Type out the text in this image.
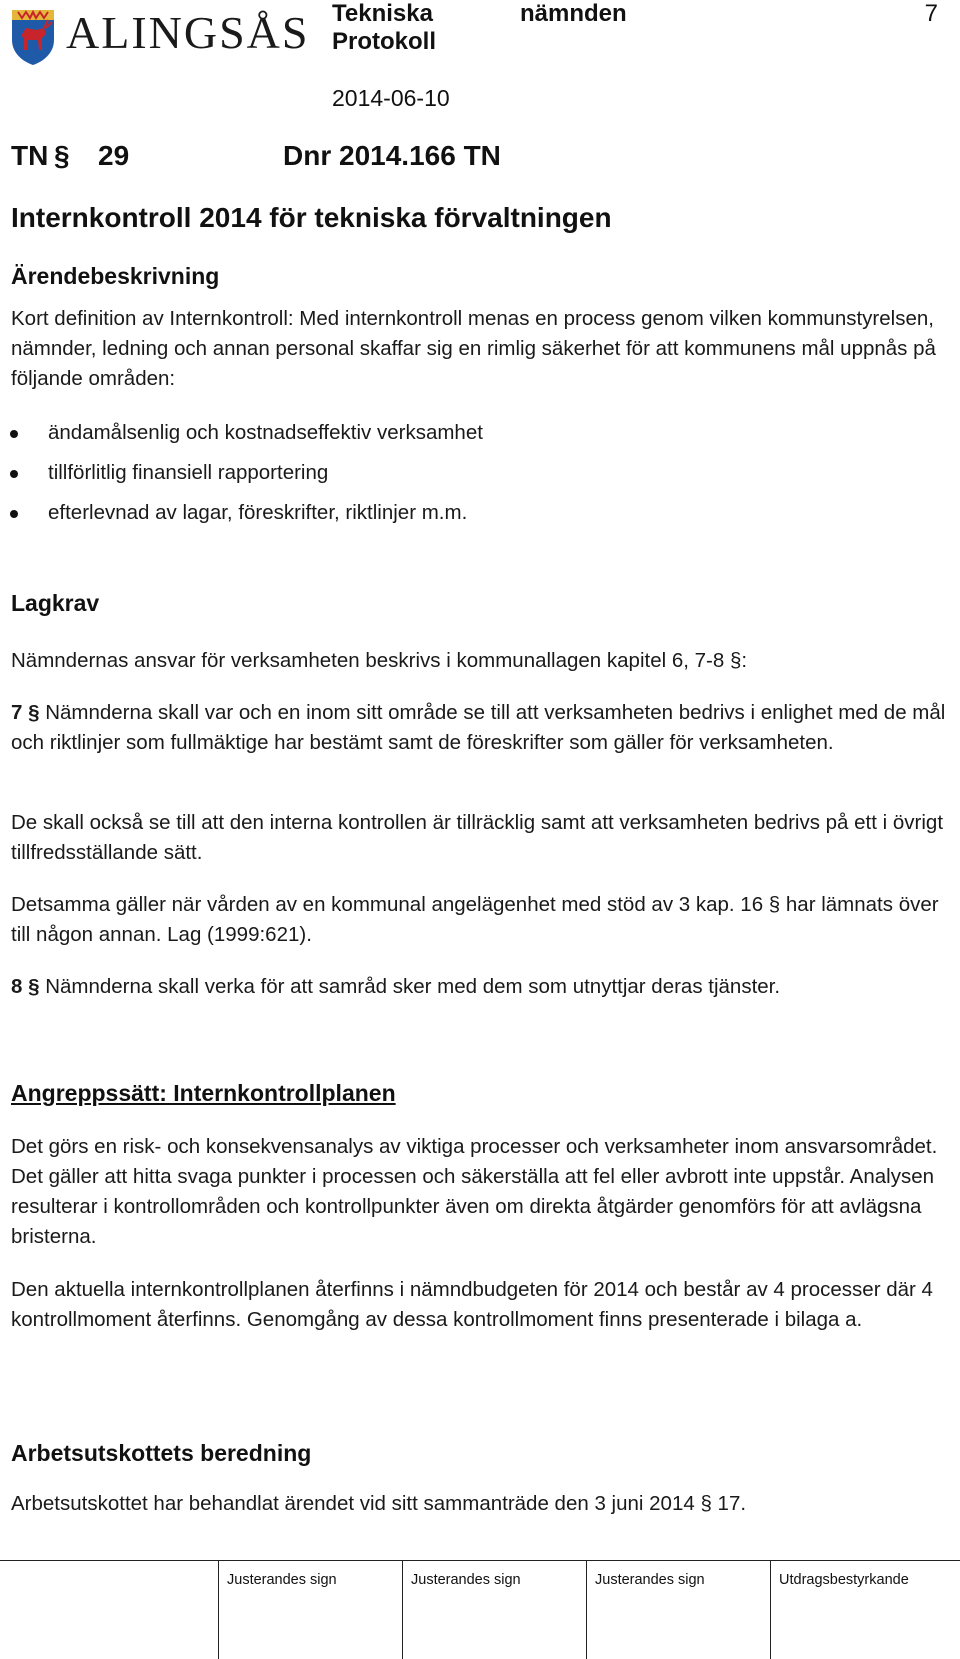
ALINGSÅS Tekniska	nämnden
Protokoll
7
2014-06-10
TN § 29	Dnr 2014.166 TN
Internkontroll 2014 för tekniska förvaltningen
Ärendebeskrivning
Kort definition av Internkontroll: Med internkontroll menas en process genom vilken kommunstyrelsen, nämnder, ledning och annan personal skaffar sig en rimlig säkerhet för att kommunens mål uppnås på följande områden:
ändamålsenlig och kostnadseffektiv verksamhet
tillförlitlig finansiell rapportering
efterlevnad av lagar, föreskrifter, riktlinjer m.m.
Lagkrav
Nämndernas ansvar för verksamheten beskrivs i kommunallagen kapitel 6, 7-8 §:
7 § Nämnderna skall var och en inom sitt område se till att verksamheten bedrivs i enlighet med de mål och riktlinjer som fullmäktige har bestämt samt de föreskrifter som gäller för verksamheten.
De skall också se till att den interna kontrollen är tillräcklig samt att verksamheten bedrivs på ett i övrigt tillfredsställande sätt.
Detsamma gäller när vården av en kommunal angelägenhet med stöd av 3 kap. 16 § har lämnats över till någon annan. Lag (1999:621).
8 § Nämnderna skall verka för att samråd sker med dem som utnyttjar deras tjänster.
Angreppssätt: Internkontrollplanen
Det görs en risk- och konsekvensanalys av viktiga processer och verksamheter inom ansvarsområdet. Det gäller att hitta svaga punkter i processen och säkerställa att fel eller avbrott inte uppstår. Analysen resulterar i kontrollområden och kontrollpunkter även om direkta åtgärder genomförs för att avlägsna bristerna.
Den aktuella internkontrollplanen återfinns i nämndbudgeten för 2014 och består av 4 processer där 4 kontrollmoment återfinns. Genomgång av dessa kontrollmoment finns presenterade i bilaga a.
Arbetsutskottets beredning
Arbetsutskottet har behandlat ärendet vid sitt sammanträde den 3 juni 2014 § 17.
Justerandes sign	Justerandes sign	Justerandes sign	Utdragsbestyrkande
